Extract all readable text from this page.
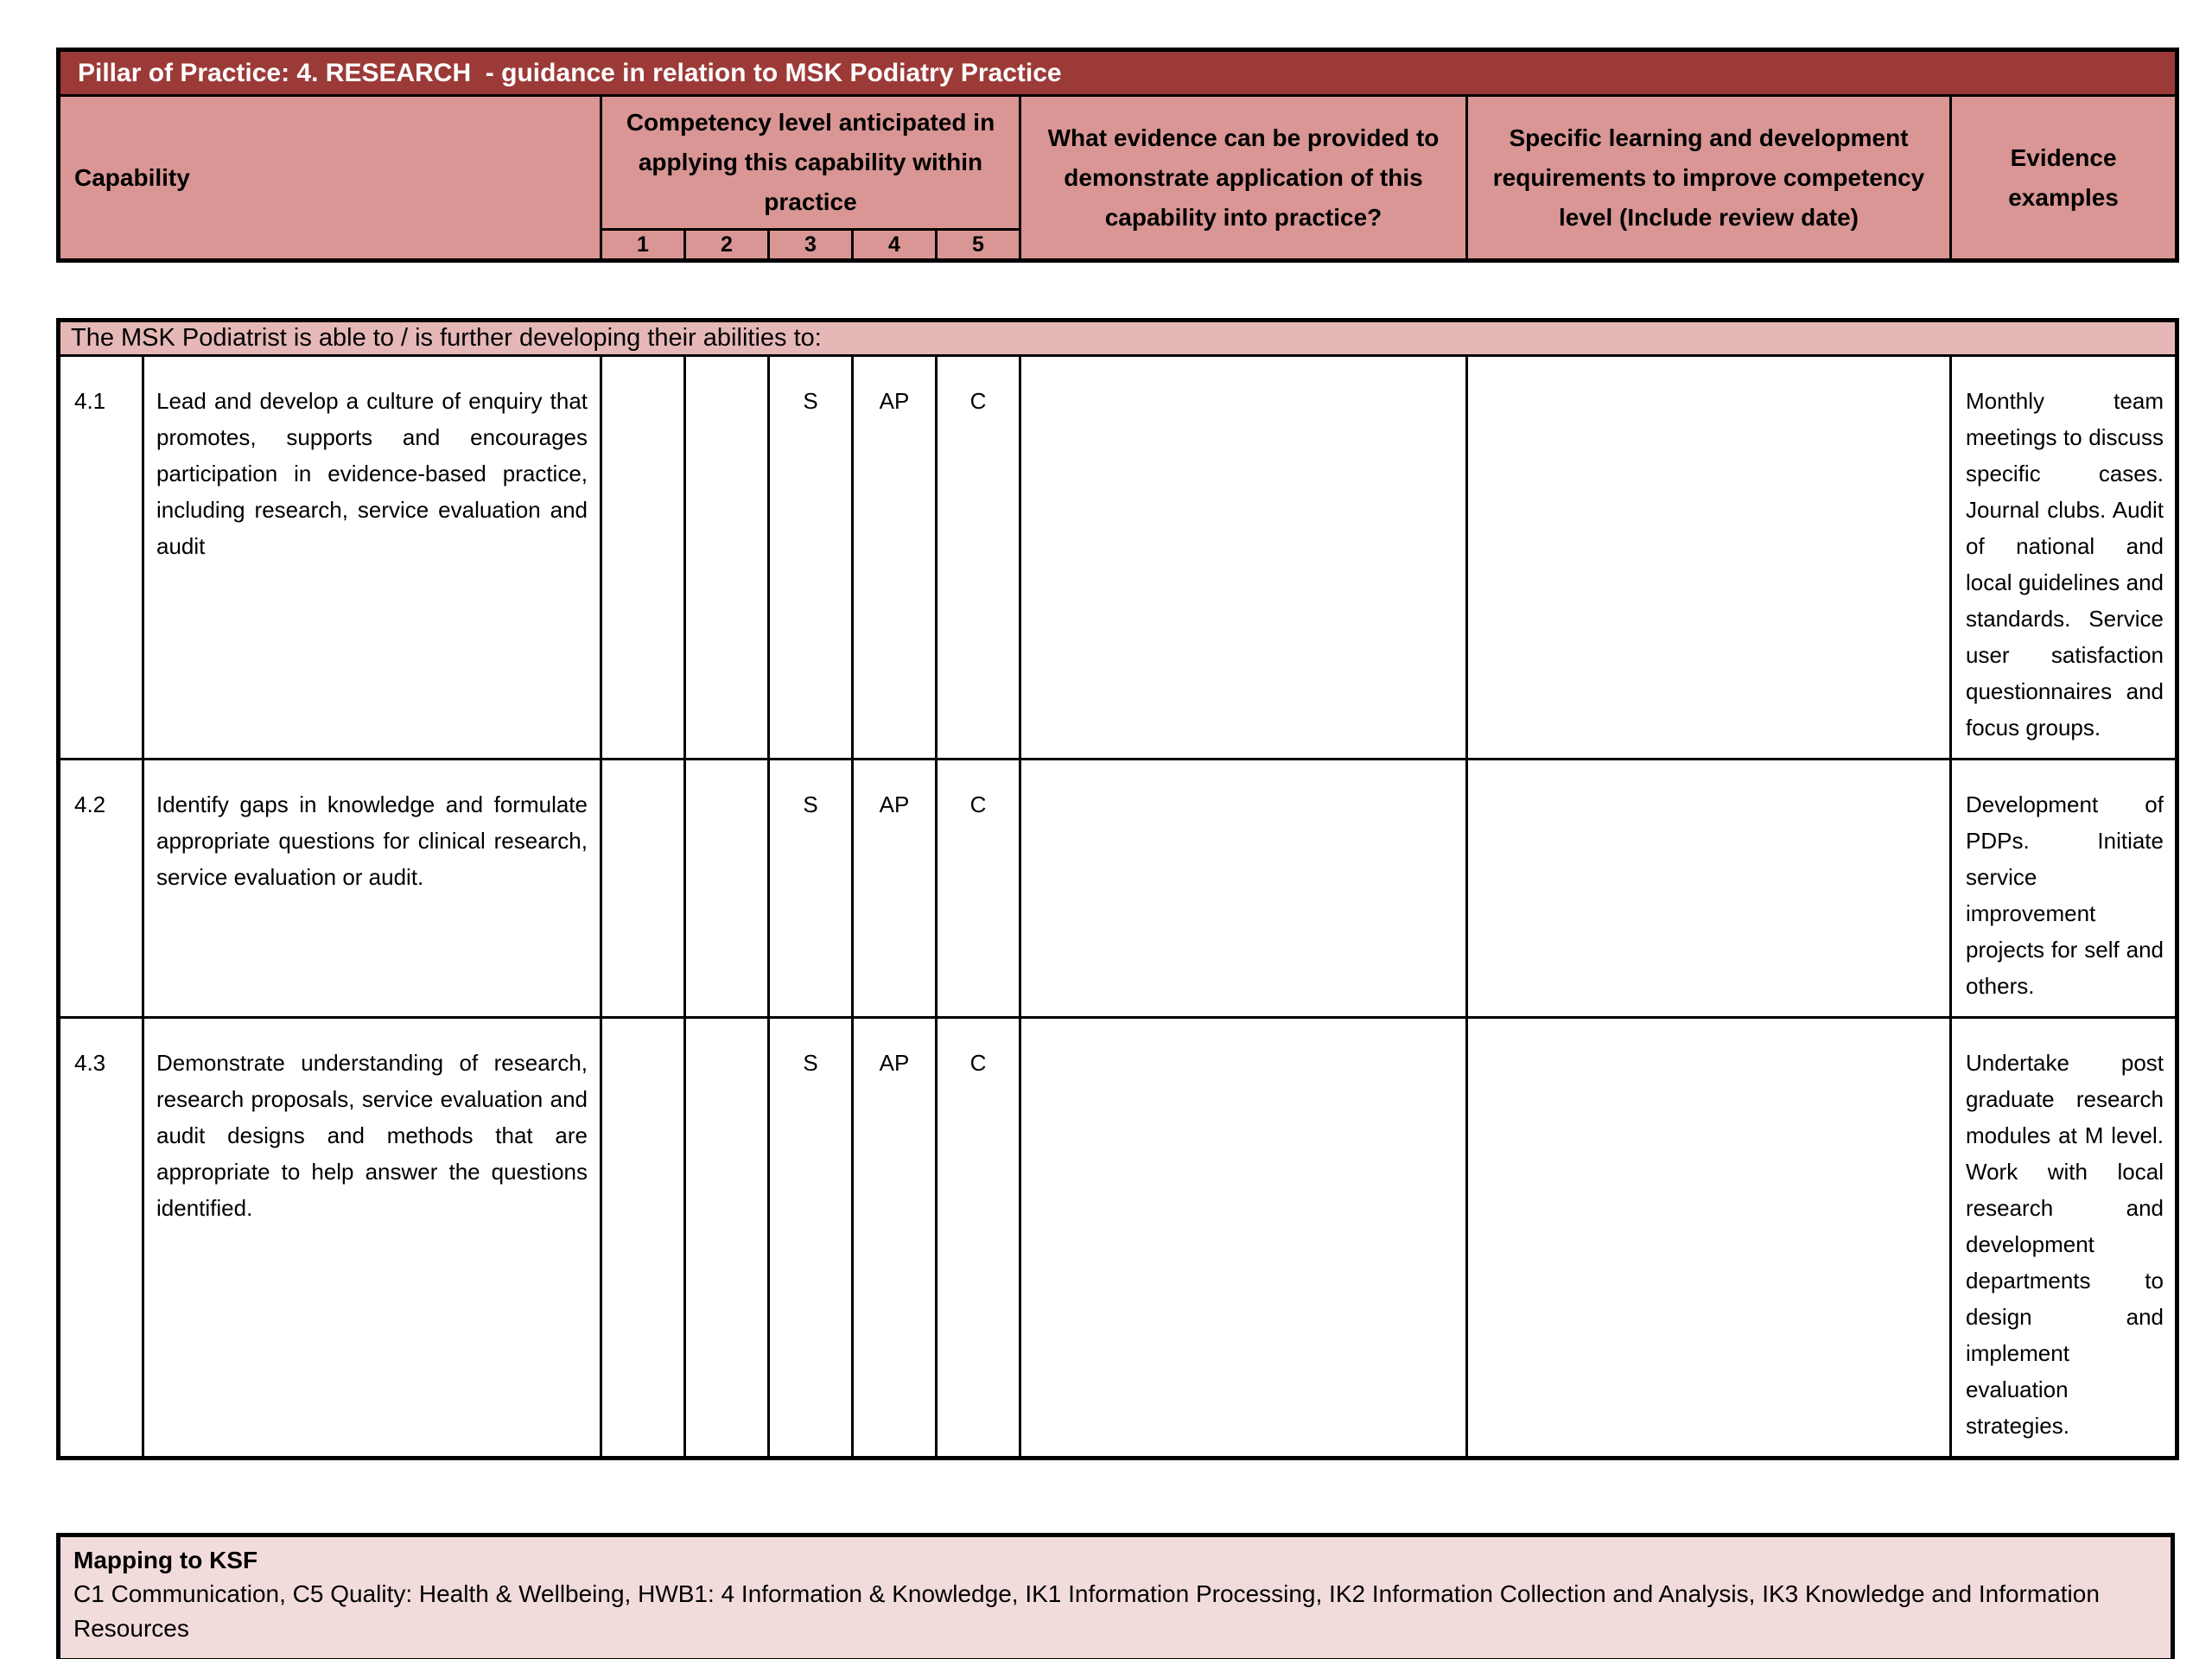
Pillar of Practice: 4. RESEARCH  - guidance in relation to MSK Podiatry Practice								
Capability	Competency level anticipated in applying this capability within practice					What evidence can be provided to demonstrate application of this capability into practice?	Specific learning and development requirements to improve competency level (Include review date)	Evidence examples
	1	2	3	4	5			
The MSK Podiatrist is able to / is further developing their abilities to:									
4.1	Lead and develop a culture of enquiry that promotes, supports and encourages participation in evidence-based practice, including research, service evaluation and audit			S	AP	C			Monthly team meetings to discuss specific cases. Journal clubs. Audit of national and local guidelines and standards. Service user satisfaction questionnaires and focus groups.
4.2	Identify gaps in knowledge and formulate appropriate questions for clinical research, service evaluation or audit.			S	AP	C			Development of PDPs. Initiate service improvement projects for self and others.
4.3	Demonstrate understanding of research, research proposals, service evaluation and audit designs and methods that are appropriate to help answer the questions identified.			S	AP	C			Undertake post graduate research modules at M level. Work with local research and development departments to design and implement evaluation strategies.
Mapping to KSF
C1 Communication, C5 Quality: Health & Wellbeing, HWB1: 4 Information & Knowledge, IK1 Information Processing, IK2 Information Collection and Analysis, IK3 Knowledge and Information Resources
